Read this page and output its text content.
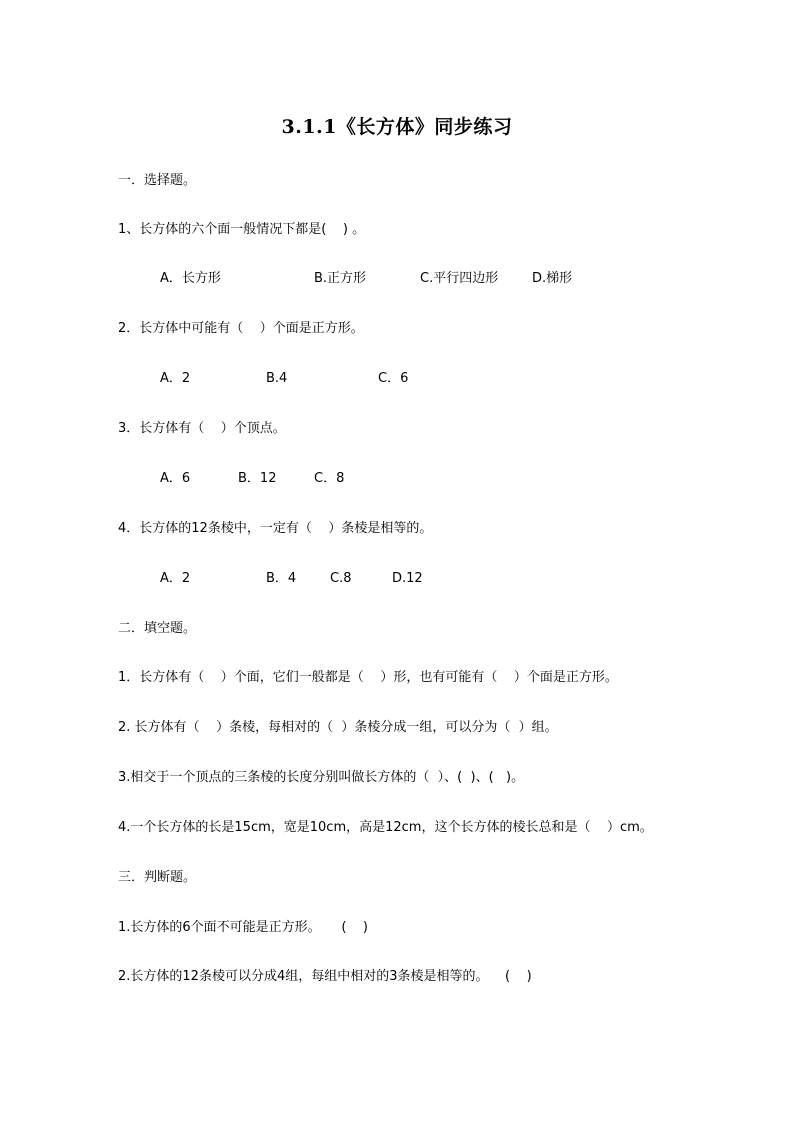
3.1.1《长方体》同步练习
一．选择题。
1、长方体的六个面一般情况下都是(    ) 。
A．长方形	B.正方形	C.平行四边形	D.梯形
2．长方体中可能有（    ）个面是正方形。
A．2	B.4	C．6
3．长方体有（    ）个顶点。
A．6	B．12	C．8
4．长方体的12条棱中，一定有（    ）条棱是相等的。
A．2	B．4	C.8	D.12
二．填空题。
1．长方体有（    ）个面，它们一般都是（    ）形，也有可能有（    ）个面是正方形。
2. 长方体有（    ）条棱，每相对的（  ）条棱分成一组，可以分为（  ）组。
3.相交于一个顶点的三条棱的长度分别叫做长方体的（  ）、(  )、(   )。
4.一个长方体的长是15cm，宽是10cm，高是12cm，这个长方体的棱长总和是（    ）cm。
三．判断题。
1.长方体的6个面不可能是正方形。     (    )
2.长方体的12条棱可以分成4组，每组中相对的3条棱是相等的。    (    )
